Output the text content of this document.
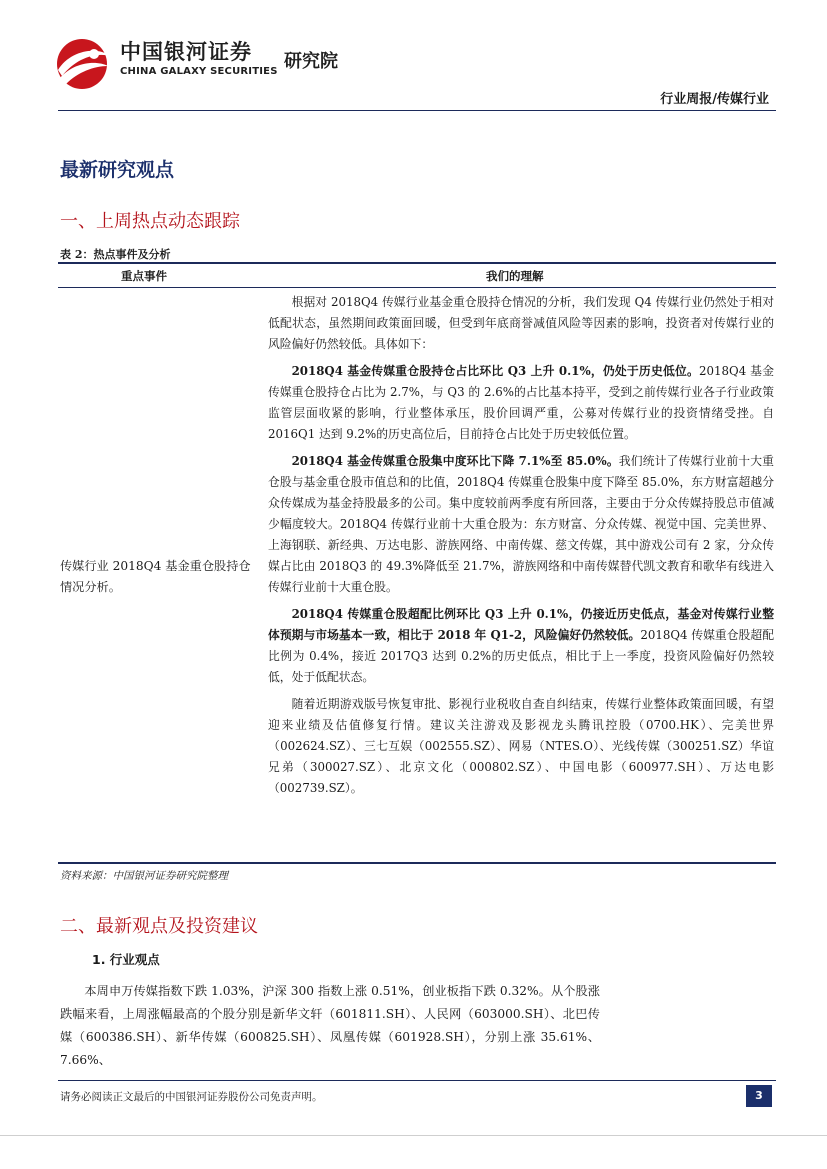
中国银河证券
CHINA GALAXY SECURITIES 研究院
行业周报/传媒行业
最新研究观点
一、上周热点动态跟踪
表 2：热点事件及分析
重点事件	我们的理解
传媒行业 2018Q4 基金重仓股持仓情况分析。

根据对 2018Q4 传媒行业基金重仓股持仓情况的分析，我们发现 Q4 传媒行业仍然处于相对低配状态，虽然期间政策面回暖，但受到年底商誉减值风险等因素的影响，投资者对传媒行业的风险偏好仍然较低。具体如下：

2018Q4 基金传媒重仓股持仓占比环比 Q3 上升 0.1%，仍处于历史低位。2018Q4 基金传媒重仓股持仓占比为 2.7%，与 Q3 的 2.6%的占比基本持平，受到之前传媒行业各子行业政策监管层面收紧的影响，行业整体承压，股价回调严重，公募对传媒行业的投资情绪受挫。自 2016Q1 达到 9.2%的历史高位后，目前持仓占比处于历史较低位置。

2018Q4 基金传媒重仓股集中度环比下降 7.1%至 85.0%。我们统计了传媒行业前十大重仓股与基金重仓股市值总和的比值，2018Q4 传媒重仓股集中度下降至 85.0%，东方财富超越分众传媒成为基金持股最多的公司。集中度较前两季度有所回落，主要由于分众传媒持股总市值减少幅度较大。2018Q4 传媒行业前十大重仓股为：东方财富、分众传媒、视觉中国、完美世界、上海钢联、新经典、万达电影、游族网络、中南传媒、慈文传媒，其中游戏公司有 2 家，分众传媒占比由 2018Q3 的 49.3%降低至 21.7%，游族网络和中南传媒替代凯文教育和歌华有线进入传媒行业前十大重仓股。

2018Q4 传媒重仓股超配比例环比 Q3 上升 0.1%，仍接近历史低点，基金对传媒行业整体预期与市场基本一致，相比于 2018 年 Q1-2，风险偏好仍然较低。2018Q4 传媒重仓股超配比例为 0.4%，接近 2017Q3 达到 0.2%的历史低点，相比于上一季度，投资风险偏好仍然较低，处于低配状态。

随着近期游戏版号恢复审批、影视行业税收自查自纠结束，传媒行业整体政策面回暖，有望迎来业绩及估值修复行情。建议关注游戏及影视龙头腾讯控股（0700.HK）、完美世界（002624.SZ）、三七互娱（002555.SZ）、网易（NTES.O）、光线传媒（300251.SZ）华谊兄弟（300027.SZ）、北京文化（000802.SZ）、中国电影（600977.SH）、万达电影（002739.SZ）。

资料来源：中国银河证券研究院整理
二、最新观点及投资建议
1. 行业观点

本周申万传媒指数下跌 1.03%，沪深 300 指数上涨 0.51%，创业板指下跌 0.32%。从个股涨跌幅来看，上周涨幅最高的个股分别是新华文轩（601811.SH）、人民网（603000.SH）、北巴传媒（600386.SH）、新华传媒（600825.SH）、凤凰传媒（601928.SH），分别上涨 35.61%、7.66%、

请务必阅读正文最后的中国银河证券股份公司免责声明。	3
